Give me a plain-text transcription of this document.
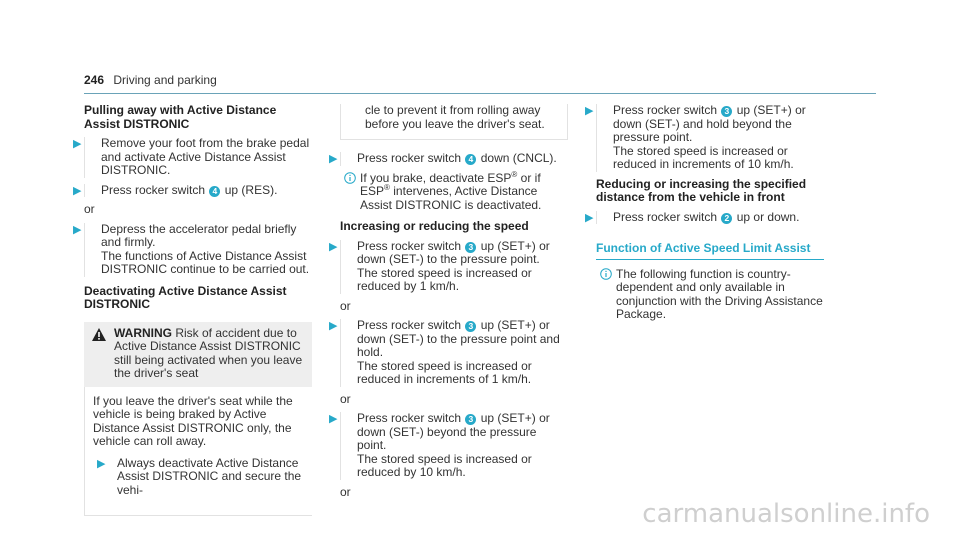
246 Driving and parking
Pulling away with Active Distance Assist DISTRONIC
▶ Remove your foot from the brake pedal and activate Active Distance Assist DISTRONIC.
▶ Press rocker switch 4 up (RES).
or
▶ Depress the accelerator pedal briefly and firmly.
The functions of Active Distance Assist DISTRONIC continue to be carried out.
Deactivating Active Distance Assist DISTRONIC
WARNING Risk of accident due to Active Distance Assist DISTRONIC still being activated when you leave the driver's seat
If you leave the driver's seat while the vehicle is being braked by Active Distance Assist DISTRONIC only, the vehicle can roll away.
▶ Always deactivate Active Distance Assist DISTRONIC and secure the vehi-
cle to prevent it from rolling away before you leave the driver's seat.
▶ Press rocker switch 4 down (CNCL).
If you brake, deactivate ESP® or if ESP® intervenes, Active Distance Assist DISTRONIC is deactivated.
Increasing or reducing the speed
▶ Press rocker switch 3 up (SET+) or down (SET-) to the pressure point.
The stored speed is increased or reduced by 1 km/h.
or
▶ Press rocker switch 3 up (SET+) or down (SET-) to the pressure point and hold.
The stored speed is increased or reduced in increments of 1 km/h.
or
▶ Press rocker switch 3 up (SET+) or down (SET-) beyond the pressure point.
The stored speed is increased or reduced by 10 km/h.
or
▶ Press rocker switch 3 up (SET+) or down (SET-) and hold beyond the pressure point.
The stored speed is increased or reduced in increments of 10 km/h.
Reducing or increasing the specified distance from the vehicle in front
▶ Press rocker switch 2 up or down.
Function of Active Speed Limit Assist
The following function is country-dependent and only available in conjunction with the Driving Assistance Package.
carmanualsonline.info
